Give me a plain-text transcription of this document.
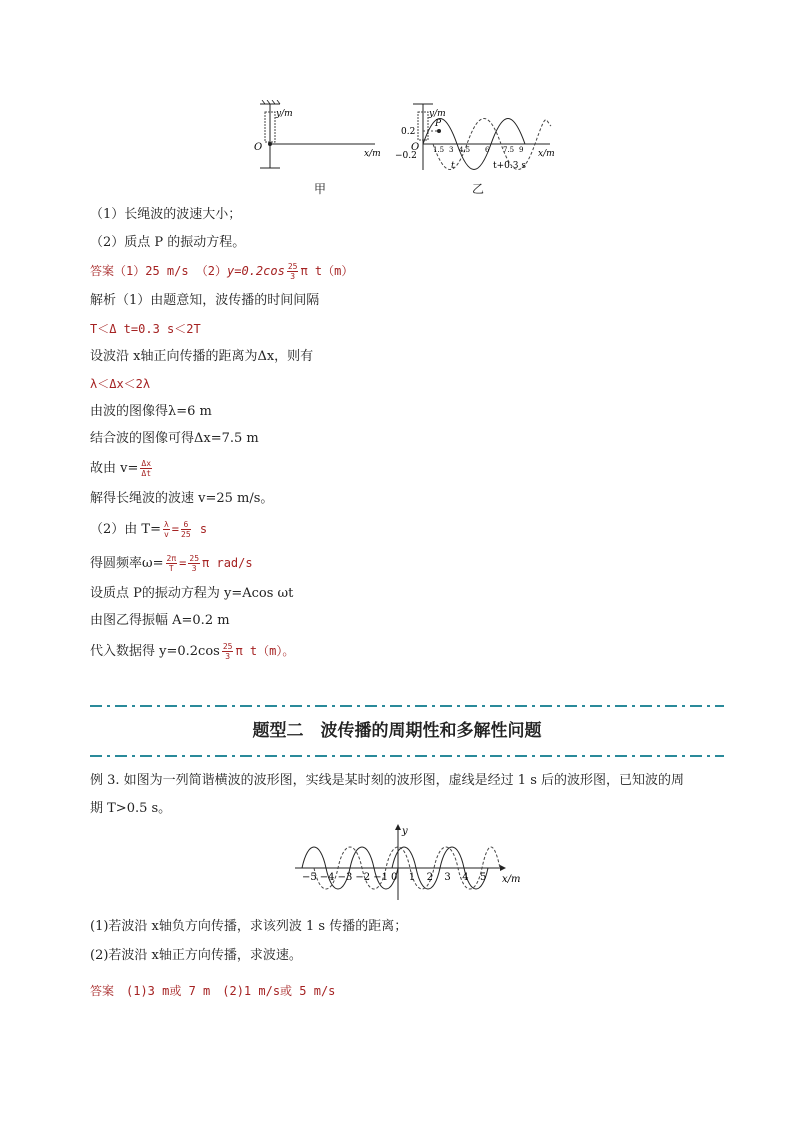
y/m
x/m
O
甲
y/m
x/m
O
P
0.2
−0.2
1.5 3 4.5 6 7.5 9
t	t+0.3 s
乙
（1）长绳波的波速大小；
（2）质点 P 的振动方程。
答案（1）25 m/s $(2)y=0.2\cos \frac{25}{3}$ π t（m）
解析（1）由题意知，波传播的时间间隔
T＜Δ t=0.3 s＜2T
设波沿 x轴正向传播的距离为Δx，则有
λ＜Δx＜2λ
由波的图像得λ=6 m
结合波的图像可得Δx=7.5 m
故由 $v= \frac{\Delta x}{\Delta t}$
解得长绳波的波速 v=25 m/s。
（2）由 $T= \frac{\lambda}{v} = \frac{6}{25}$ s
得圆频率$\omega= \frac{2\pi}{T} = \frac{25}{3}$ π rad/s
设质点 P的振动方程为 y=Acos ωt
由图乙得振幅 A=0.2 m
代入数据得 $y=0.2\cos \frac{25}{3}$ π t（m）。
题型二　波传播的周期性和多解性问题
例 3. 如图为一列简谐横波的波形图，实线是某时刻的波形图，虚线是经过 1 s 后的波形图，已知波的周
期 T>0.5 s。
y
x/m
−5 −4 −3 −2 −1 0 1 2 3 4 5
(1)若波沿 x轴负方向传播，求该列波 1 s 传播的距离；
(2)若波沿 x轴正方向传播，求波速。
答案　(1)3 m或 7 m　(2)1 m/s或 5 m/s
